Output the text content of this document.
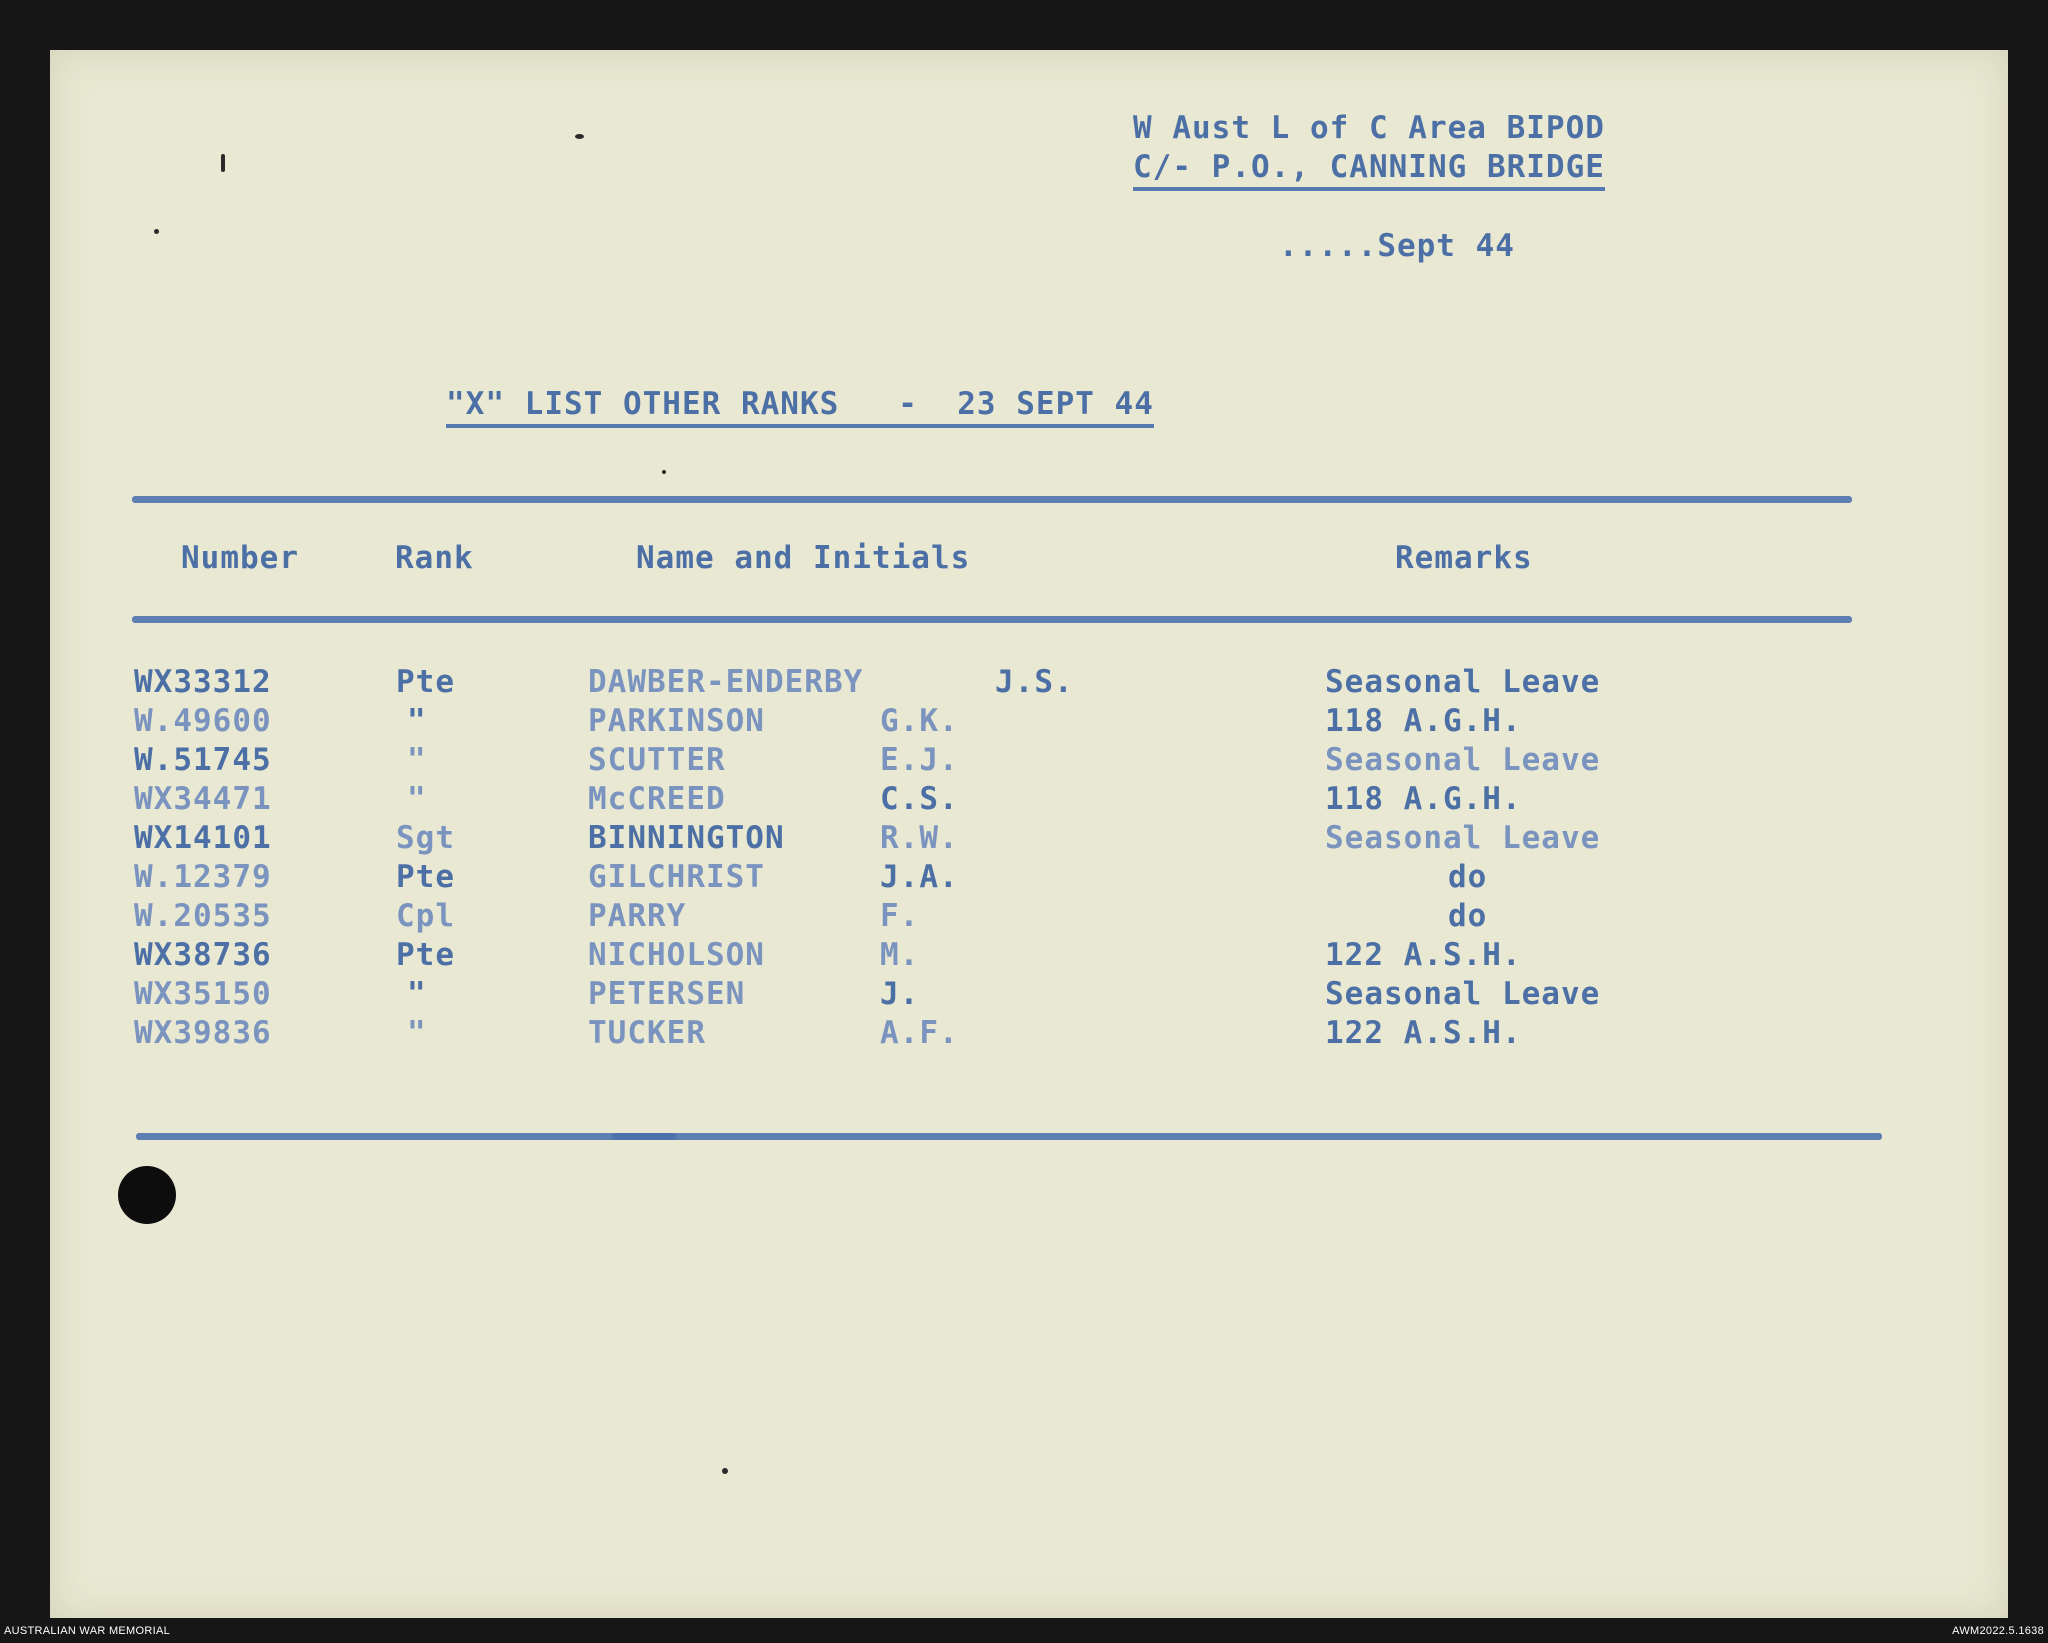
W Aust L of C Area BIPOD
C/- P.O., CANNING BRIDGE
.....Sept 44
"X" LIST OTHER RANKS   -  23 SEPT 44
Number	Rank	Name and Initials	Remarks
WX33312	Pte	DAWBER-ENDERBY	J.S.	Seasonal Leave
W.49600	"	PARKINSON	G.K.	118 A.G.H.
W.51745	"	SCUTTER	E.J.	Seasonal Leave
WX34471	"	McCREED	C.S.	118 A.G.H.
WX14101	Sgt	BINNINGTON	R.W.	Seasonal Leave
W.12379	Pte	GILCHRIST	J.A.	do
W.20535	Cpl	PARRY	F.	do
WX38736	Pte	NICHOLSON	M.	122 A.S.H.
WX35150	"	PETERSEN	J.	Seasonal Leave
WX39836	"	TUCKER	A.F.	122 A.S.H.
AUSTRALIAN WAR MEMORIAL	AWM2022.5.1638
